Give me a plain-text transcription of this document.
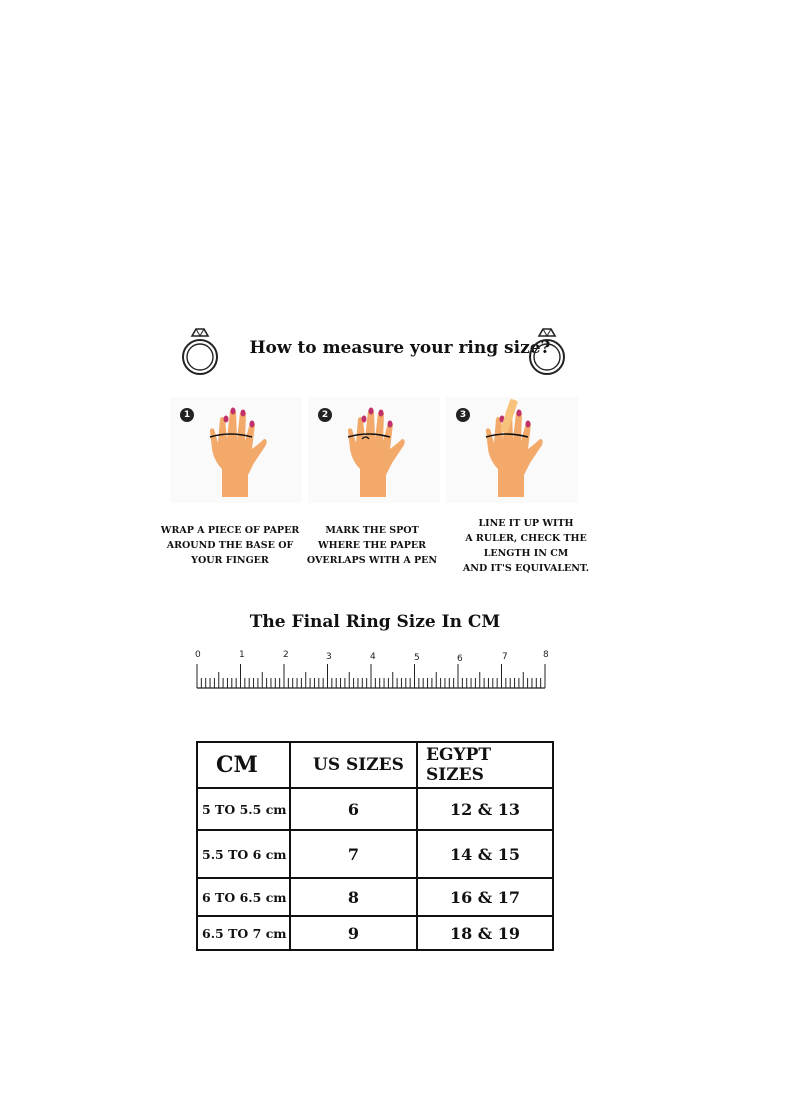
How to measure your ring size?
1	2	3
WRAP A PIECE OF PAPER
AROUND THE BASE OF
YOUR FINGER
MARK THE SPOT
WHERE THE PAPER
OVERLAPS WITH A PEN
LINE IT UP WITH
A RULER, CHECK THE
LENGTH IN CM
AND IT'S EQUIVALENT.
The Final Ring Size In CM
0	1	2	3	4	5	6	7	8
CM	US SIZES	EGYPT SIZES
5 TO 5.5 cm	6	12 & 13
5.5 TO 6 cm	7	14 & 15
6 TO 6.5 cm	8	16 & 17
6.5 TO 7 cm	9	18 & 19
